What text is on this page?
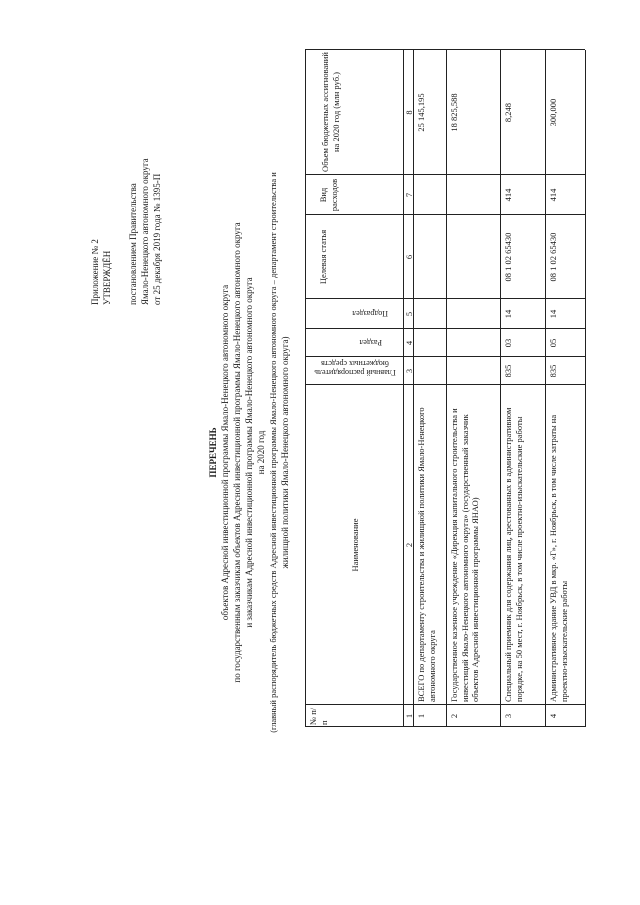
Приложение № 2 УТВЕРЖДЁН постановлением Правительства Ямало-Ненецкого автономного округа от 25 декабря 2019 года № 1395-П
ПЕРЕЧЕНЬ объектов Адресной инвестиционной программы Ямало-Ненецкого автономного округа по государственным заказчикам объектов Адресной инвестиционной программы Ямало-Ненецкого автономного округа и заказчикам Адресной инвестиционной программы Ямало-Ненецкого автономного округа на 2020 год (главный распорядитель бюджетных средств Адресной инвестиционной программы Ямало-Ненецкого автономного округа – департамент строительства и жилищной политики Ямало-Ненецкого автономного округа)
№ п/п
Наименование
Главный распорядитель бюджетных средств
Раздел
Подраздел
Целевая статья
Вид расходов
Объем бюджетных ассигнований на 2020 год (млн руб.)
1
2
3
4
5
6
7
8
1
ВСЕГО по департаменту строительства и жилищной политики Ямало-Ненецкого автономного округа
25 145,195
2
Государственное казенное учреждение «Дирекция капитального строительства и инвестиций Ямало-Ненецкого автономного округа» (государственный заказчик объектов Адресной инвестиционной программы ЯНАО)
18 825,588
3
Специальный приемник для содержания лиц, арестованных в административном порядке, на 50 мест, г. Ноябрьск, в том числе проектно-изыскательские работы
835
03
14
08 1 02 65430
414
8,248
4
Административное здание УВД в мкр. «Г», г. Ноябрьск, в том числе затраты на проектно-изыскательские работы
835
05
14
08 1 02 65430
414
300,000
